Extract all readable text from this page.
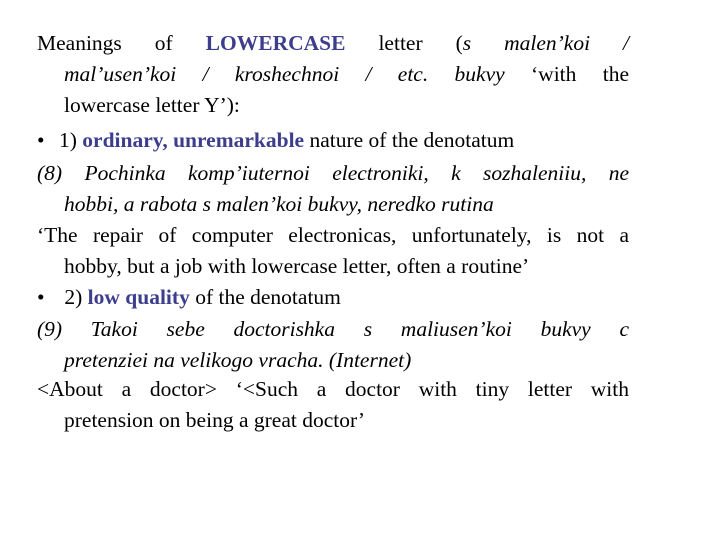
Meanings of LOWERCASE letter (s malen’koi /
mal’usen’koi / kroshechnoi / etc. bukvy ‘with the
lowercase letter Y’):
• 1) ordinary, unremarkable nature of the denotatum
(8) Pochinka komp’iuternoi electroniki, k sozhaleniiu, ne
hobbi, a rabota s malen’koi bukvy, neredko rutina
‘The repair of computer electronicas, unfortunately, is not a
hobby, but a job with lowercase letter, often a routine’
• 2) low quality of the denotatum
(9) Takoi sebe doctorishka s maliusen’koi bukvy c
pretenziei na velikogo vracha. (Internet)
<About a doctor> ‘<Such a doctor with tiny letter with
pretension on being a great doctor’
